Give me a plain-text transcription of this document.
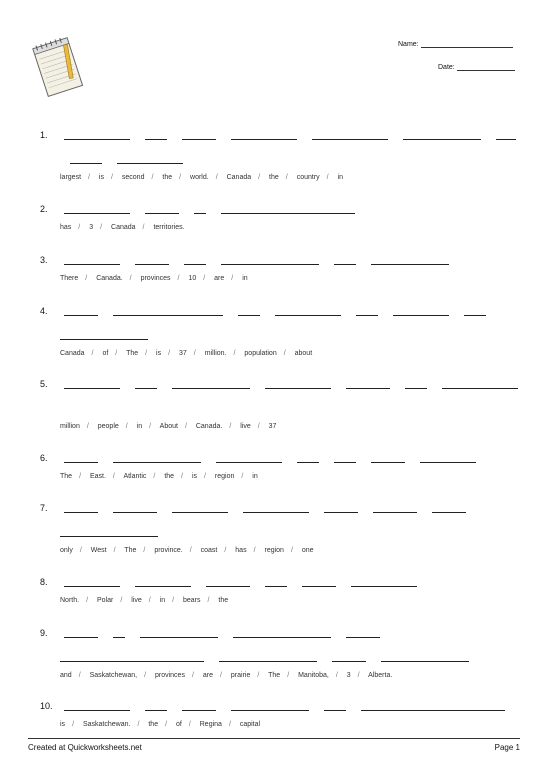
Name:
Date:
1.
largest / is / second / the / world. / Canada / the / country / in
2.
has / 3 / Canada / territories.
3.
There / Canada. / provinces / 10 / are / in
4.
Canada / of / The / is / 37 / million. / population / about
5.
million / people / in / About / Canada. / live / 37
6.
The / East. / Atlantic / the / is / region / in
7.
only / West / The / province. / coast / has / region / one
8.
North. / Polar / live / in / bears / the
9.
and / Saskatchewan, / provinces / are / prairie / The / Manitoba, / 3 / Alberta.
10.
is / Saskatchewan. / the / of / Regina / capital
Created at Quickworksheets.net	Page 1
